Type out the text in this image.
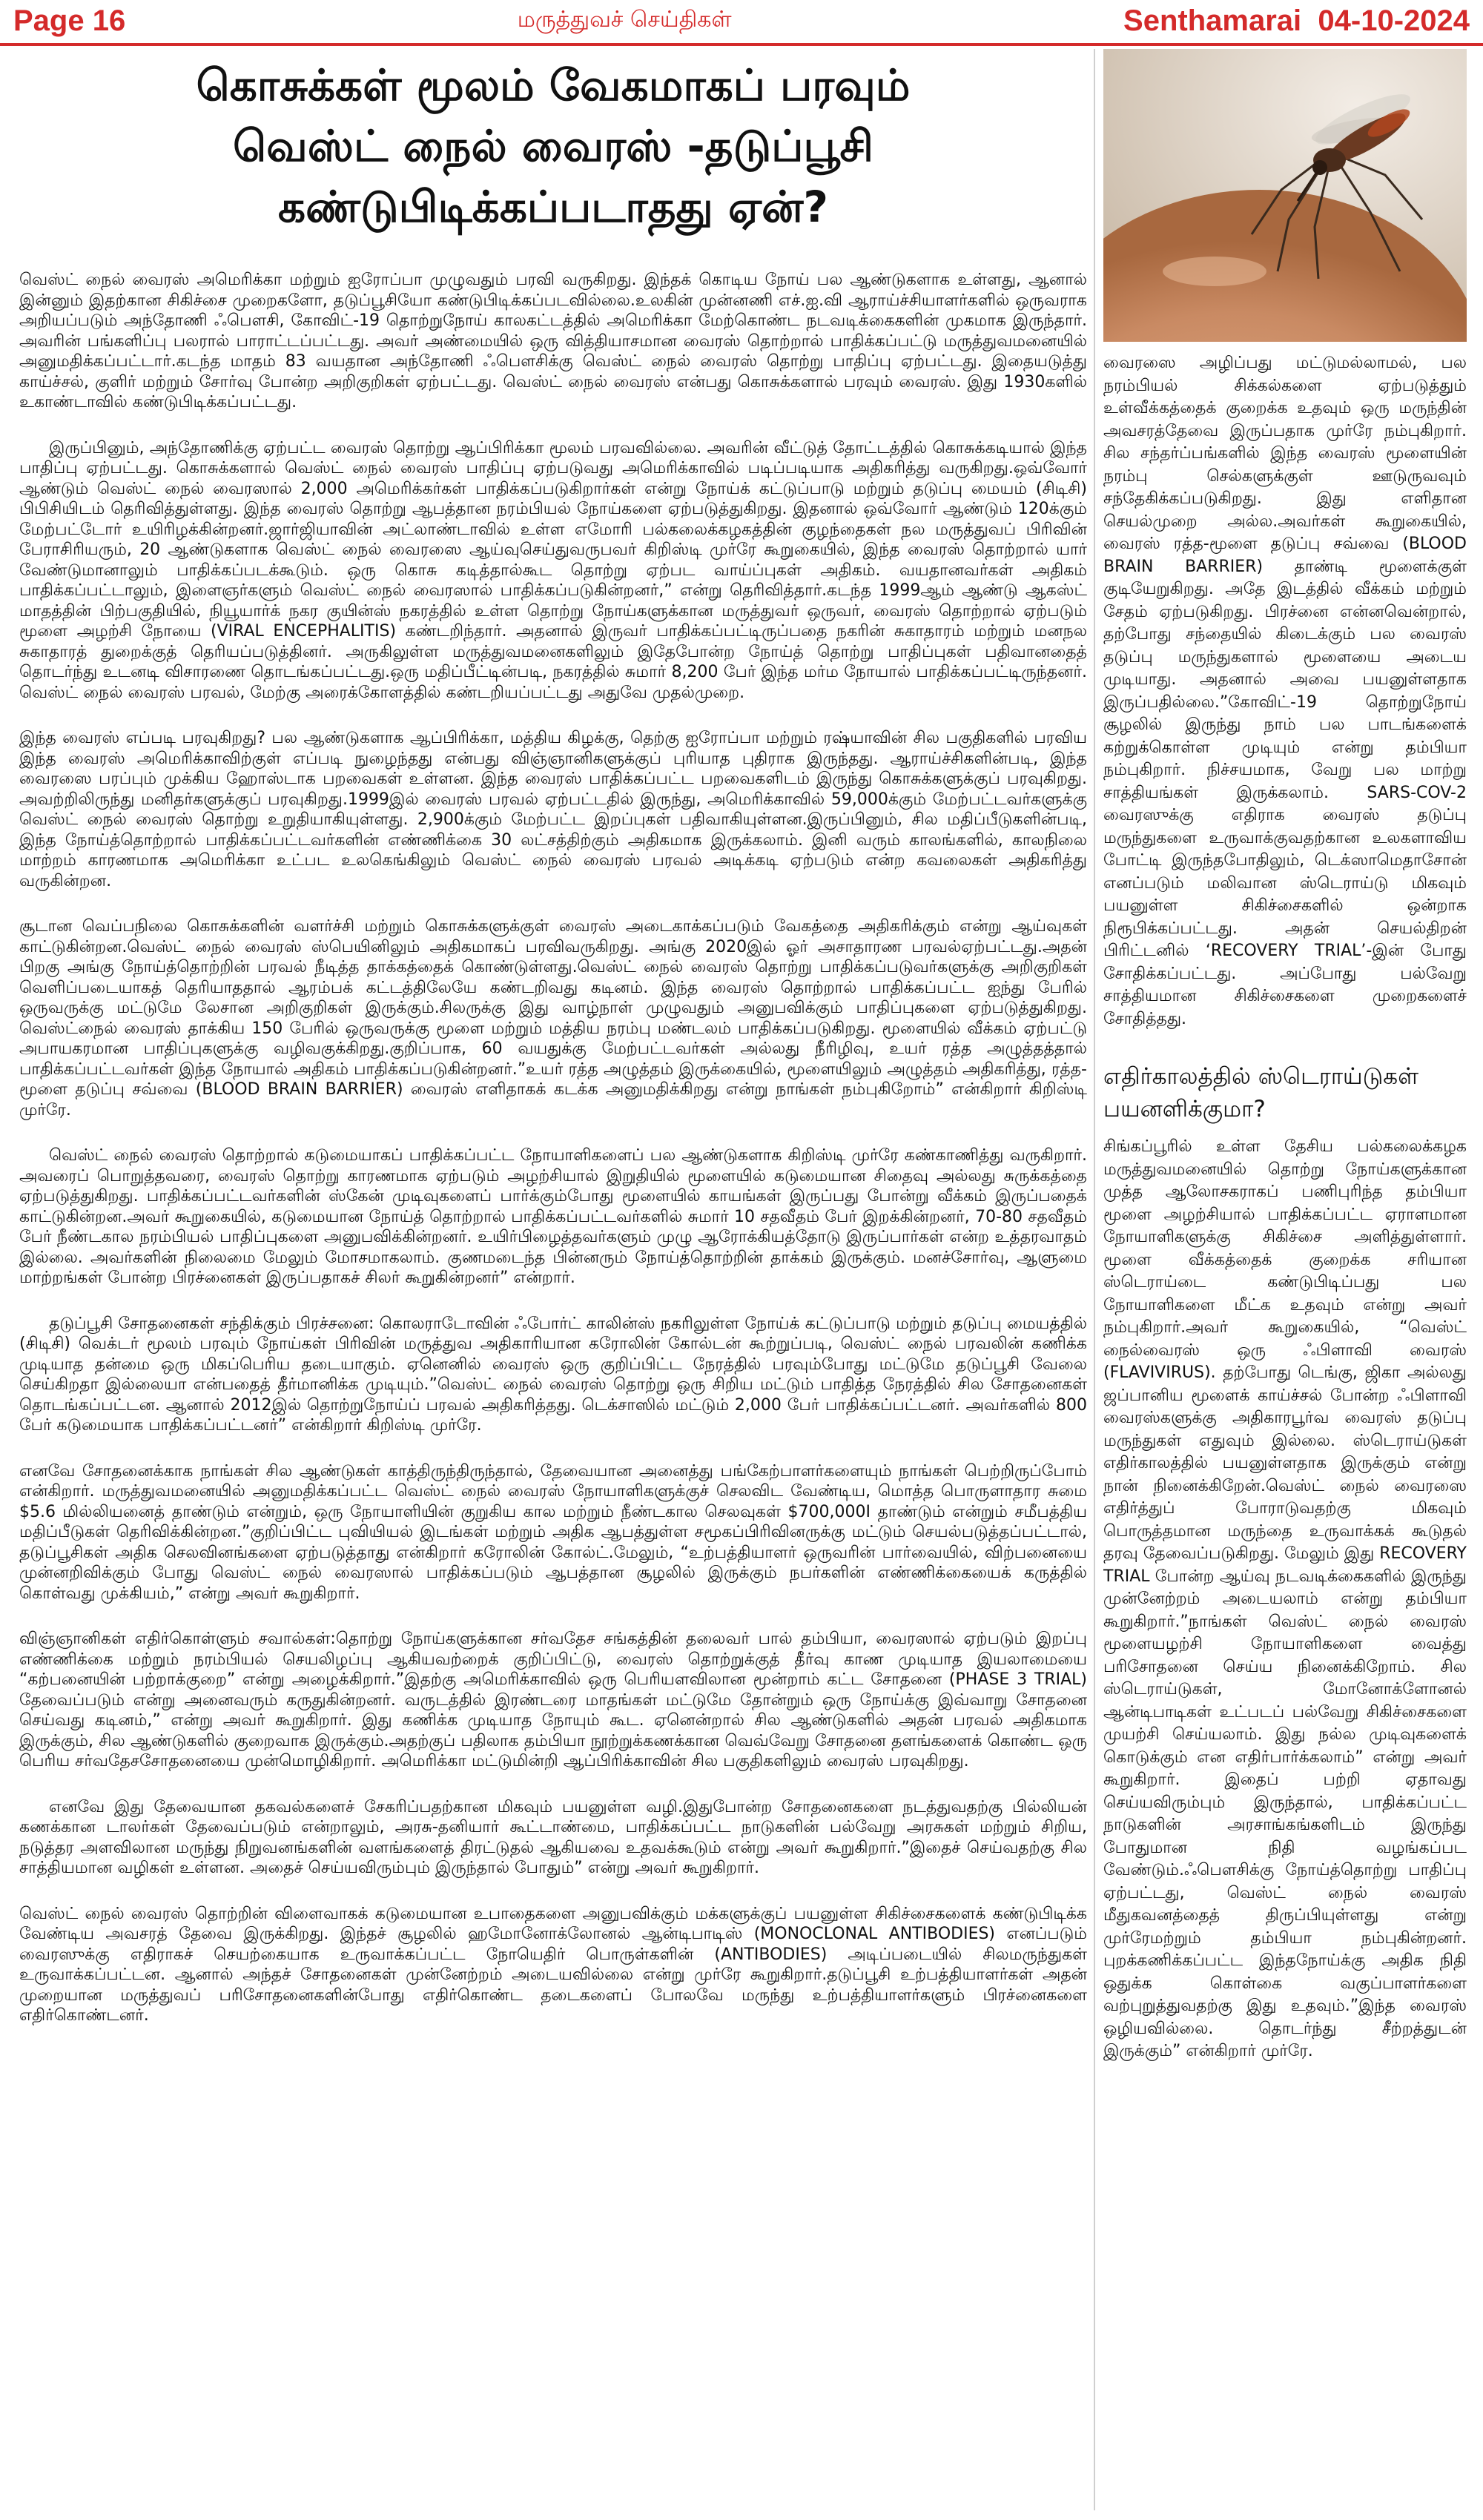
Page 16	மருத்துவச் செய்திகள்	Senthamarai 04-10-2024
கொசுக்கள் மூலம் வேகமாகப் பரவும்
வெஸ்ட் நைல் வைரஸ் -தடுப்பூசி கண்டுபிடிக்கப்படாதது ஏன்?

வெஸ்ட் நைல் வைரஸ் அமெரிக்கா மற்றும் ஐரோப்பா முழுவதும் பரவி வருகிறது. இந்தக் கொடிய நோய் பல ஆண்டுகளாக உள்ளது, ஆனால் இன்னும் இதற்கான சிகிச்சை முறைகளோ, தடுப்பூசியோ கண்டுபிடிக்கப்படவில்லை.உலகின் முன்னணி எச்.ஐ.வி ஆராய்ச்சியாளர்களில் ஒருவராக அறியப்படும் அந்தோணி ஃபௌசி, கோவிட்-19 தொற்றுநோய் காலகட்டத்தில் அமெரிக்கா மேற்கொண்ட நடவடிக்கைகளின் முகமாக இருந்தார். அவரின் பங்களிப்பு பலரால் பாராட்டப்பட்டது. அவர் அண்மையில் ஒரு வித்தியாசமான வைரஸ் தொற்றால் பாதிக்கப்பட்டு மருத்துவமனையில் அனுமதிக்கப்பட்டார்.கடந்த மாதம் 83 வயதான அந்தோணி ஃபௌசிக்கு வெஸ்ட் நைல் வைரஸ் தொற்று பாதிப்பு ஏற்பட்டது. இதையடுத்து காய்ச்சல், குளிர் மற்றும் சோர்வு போன்ற அறிகுறிகள் ஏற்பட்டது. வெஸ்ட் நைல் வைரஸ் என்பது கொசுக்களால் பரவும் வைரஸ். இது 1930களில் உகாண்டாவில் கண்டுபிடிக்கப்பட்டது.

இருப்பினும், அந்தோணிக்கு ஏற்பட்ட வைரஸ் தொற்று ஆப்பிரிக்கா மூலம் பரவவில்லை. அவரின் வீட்டுத் தோட்டத்தில் கொசுக்கடியால் இந்த பாதிப்பு ஏற்பட்டது. கொசுக்களால் வெஸ்ட் நைல் வைரஸ் பாதிப்பு ஏற்படுவது அமெரிக்காவில் படிப்படியாக அதிகரித்து வருகிறது.ஒவ்வோர் ஆண்டும் வெஸ்ட் நைல் வைரஸால் 2,000 அமெரிக்கர்கள் பாதிக்கப்படுகிறார்கள் என்று நோய்க் கட்டுப்பாடு மற்றும் தடுப்பு மையம் (சிடிசி) பிபிசியிடம் தெரிவித்துள்ளது. இந்த வைரஸ் தொற்று ஆபத்தான நரம்பியல் நோய்களை ஏற்படுத்துகிறது. இதனால் ஒவ்வோர் ஆண்டும் 120க்கும் மேற்பட்டோர் உயிரிழக்கின்றனர்.ஜார்ஜியாவின் அட்லாண்டாவில் உள்ள எமோரி பல்கலைக்கழகத்தின் குழந்தைகள் நல மருத்துவப் பிரிவின் பேராசிரியரும், 20 ஆண்டுகளாக வெஸ்ட் நைல் வைரஸை ஆய்வுசெய்துவருபவர் கிறிஸ்டி முர்ரே கூறுகையில், இந்த வைரஸ் தொற்றால் யார் வேண்டுமானாலும் பாதிக்கப்படக்கூடும். ஒரு கொசு கடித்தால்கூட தொற்று ஏற்பட வாய்ப்புகள் அதிகம். வயதானவர்கள் அதிகம் பாதிக்கப்பட்டாலும், இளைஞர்களும் வெஸ்ட் நைல் வைரஸால் பாதிக்கப்படுகின்றனர்,” என்று தெரிவித்தார்.கடந்த 1999ஆம் ஆண்டு ஆகஸ்ட் மாதத்தின் பிற்பகுதியில், நியூயார்க் நகர குயின்ஸ் நகரத்தில் உள்ள தொற்று நோய்களுக்கான மருத்துவர் ஒருவர், வைரஸ் தொற்றால் ஏற்படும் மூளை அழற்சி நோயை (VIRAL ENCEPHALITIS) கண்டறிந்தார். அதனால் இருவர் பாதிக்கப்பட்டிருப்பதை நகரின் சுகாதாரம் மற்றும் மனநல சுகாதாரத் துறைக்குத் தெரியப்படுத்தினர். அருகிலுள்ள மருத்துவமனைகளிலும் இதேபோன்ற நோய்த் தொற்று பாதிப்புகள் பதிவானதைத் தொடர்ந்து உடனடி விசாரணை தொடங்கப்பட்டது.ஒரு மதிப்பீட்டின்படி, நகரத்தில் சுமார் 8,200 பேர் இந்த மர்ம நோயால் பாதிக்கப்பட்டிருந்தனர். வெஸ்ட் நைல் வைரஸ் பரவல், மேற்கு அரைக்கோளத்தில் கண்டறியப்பட்டது அதுவே முதல்முறை.

இந்த வைரஸ் எப்படி பரவுகிறது? பல ஆண்டுகளாக ஆப்பிரிக்கா, மத்திய கிழக்கு, தெற்கு ஐரோப்பா மற்றும் ரஷ்யாவின் சில பகுதிகளில் பரவிய இந்த வைரஸ் அமெரிக்காவிற்குள் எப்படி நுழைந்தது என்பது விஞ்ஞானிகளுக்குப் புரியாத புதிராக இருந்தது. ஆராய்ச்சிகளின்படி, இந்த வைரஸை பரப்பும் முக்கிய ஹோஸ்டாக பறவைகள் உள்ளன. இந்த வைரஸ் பாதிக்கப்பட்ட பறவைகளிடம் இருந்து கொசுக்களுக்குப் பரவுகிறது. அவற்றிலிருந்து மனிதர்களுக்குப் பரவுகிறது.1999இல் வைரஸ் பரவல் ஏற்பட்டதில் இருந்து, அமெரிக்காவில் 59,000க்கும் மேற்பட்டவர்களுக்கு வெஸ்ட் நைல் வைரஸ் தொற்று உறுதியாகியுள்ளது. 2,900க்கும் மேற்பட்ட இறப்புகள் பதிவாகியுள்ளன.இருப்பினும், சில மதிப்பீடுகளின்படி, இந்த நோய்த்தொற்றால் பாதிக்கப்பட்டவர்களின் எண்ணிக்கை 30 லட்சத்திற்கும் அதிகமாக இருக்கலாம். இனி வரும் காலங்களில், காலநிலை மாற்றம் காரணமாக அமெரிக்கா உட்பட உலகெங்கிலும் வெஸ்ட் நைல் வைரஸ் பரவல் அடிக்கடி ஏற்படும் என்ற கவலைகள் அதிகரித்து வருகின்றன.

சூடான வெப்பநிலை கொசுக்களின் வளர்ச்சி மற்றும் கொசுக்களுக்குள் வைரஸ் அடைகாக்கப்படும் வேகத்தை அதிகரிக்கும் என்று ஆய்வுகள் காட்டுகின்றன.வெஸ்ட் நைல் வைரஸ் ஸ்பெயினிலும் அதிகமாகப் பரவிவருகிறது. அங்கு 2020இல் ஓர் அசாதாரண பரவல்ஏற்பட்டது.அதன் பிறகு அங்கு நோய்த்தொற்றின் பரவல் நீடித்த தாக்கத்தைக் கொண்டுள்ளது.வெஸ்ட் நைல் வைரஸ் தொற்று பாதிக்கப்படுவர்களுக்கு அறிகுறிகள் வெளிப்படையாகத் தெரியாததால் ஆரம்பக் கட்டத்திலேயே கண்டறிவது கடினம். இந்த வைரஸ் தொற்றால் பாதிக்கப்பட்ட ஐந்து பேரில் ஒருவருக்கு மட்டுமே லேசான அறிகுறிகள் இருக்கும்.சிலருக்கு இது வாழ்நாள் முழுவதும் அனுபவிக்கும் பாதிப்புகளை ஏற்படுத்துகிறது. வெஸ்ட்நைல் வைரஸ் தாக்கிய 150 பேரில் ஒருவருக்கு மூளை மற்றும் மத்திய நரம்பு மண்டலம் பாதிக்கப்படுகிறது. மூளையில் வீக்கம் ஏற்பட்டு அபாயகரமான பாதிப்புகளுக்கு வழிவகுக்கிறது.குறிப்பாக, 60 வயதுக்கு மேற்பட்டவர்கள் அல்லது நீரிழிவு, உயர் ரத்த அழுத்தத்தால் பாதிக்கப்பட்டவர்கள் இந்த நோயால் அதிகம் பாதிக்கப்படுகின்றனர்.”உயர் ரத்த அழுத்தம் இருக்கையில், மூளையிலும் அழுத்தம் அதிகரித்து, ரத்த-மூளை தடுப்பு சவ்வை (BLOOD BRAIN BARRIER) வைரஸ் எளிதாகக் கடக்க அனுமதிக்கிறது என்று நாங்கள் நம்புகிறோம்” என்கிறார் கிறிஸ்டி முர்ரே.

வெஸ்ட் நைல் வைரஸ் தொற்றால் கடுமையாகப் பாதிக்கப்பட்ட நோயாளிகளைப் பல ஆண்டுகளாக கிறிஸ்டி முர்ரே கண்காணித்து வருகிறார். அவரைப் பொறுத்தவரை, வைரஸ் தொற்று காரணமாக ஏற்படும் அழற்சியால் இறுதியில் மூளையில் கடுமையான சிதைவு அல்லது சுருக்கத்தை ஏற்படுத்துகிறது. பாதிக்கப்பட்டவர்களின் ஸ்கேன் முடிவுகளைப் பார்க்கும்போது மூளையில் காயங்கள் இருப்பது போன்று வீக்கம் இருப்பதைக் காட்டுகின்றன.அவர் கூறுகையில், கடுமையான நோய்த் தொற்றால் பாதிக்கப்பட்டவர்களில் சுமார் 10 சதவீதம் பேர் இறக்கின்றனர், 70-80 சதவீதம் பேர் நீண்டகால நரம்பியல் பாதிப்புகளை அனுபவிக்கின்றனர். உயிர்பிழைத்தவர்களும் முழு ஆரோக்கியத்தோடு இருப்பார்கள் என்ற உத்தரவாதம் இல்லை. அவர்களின் நிலைமை மேலும் மோசமாகலாம். குணமடைந்த பின்னரும் நோய்த்தொற்றின் தாக்கம் இருக்கும். மனச்சோர்வு, ஆளுமை மாற்றங்கள் போன்ற பிரச்னைகள் இருப்பதாகச் சிலர் கூறுகின்றனர்” என்றார்.

தடுப்பூசி சோதனைகள் சந்திக்கும் பிரச்சனை: கொலராடோவின் ஃபோர்ட் காலின்ஸ் நகரிலுள்ள நோய்க் கட்டுப்பாடு மற்றும் தடுப்பு மையத்தில் (சிடிசி) வெக்டர் மூலம் பரவும் நோய்கள் பிரிவின் மருத்துவ அதிகாரியான கரோலின் கோல்டன் கூற்றுப்படி, வெஸ்ட் நைல் பரவலின் கணிக்க முடியாத தன்மை ஒரு மிகப்பெரிய தடையாகும். ஏனெனில் வைரஸ் ஒரு குறிப்பிட்ட நேரத்தில் பரவும்போது மட்டுமே தடுப்பூசி வேலை செய்கிறதா இல்லையா என்பதைத் தீர்மானிக்க முடியும்.”வெஸ்ட் நைல் வைரஸ் தொற்று ஒரு சிறிய மட்டும் பாதித்த நேரத்தில் சில சோதனைகள் தொடங்கப்பட்டன. ஆனால் 2012இல் தொற்றுநோய்ப் பரவல் அதிகரித்தது. டெக்சாஸில் மட்டும் 2,000 பேர் பாதிக்கப்பட்டனர். அவர்களில் 800 பேர் கடுமையாக பாதிக்கப்பட்டனர்” என்கிறார் கிறிஸ்டி முர்ரே.

எனவே சோதனைக்காக நாங்கள் சில ஆண்டுகள் காத்திருந்திருந்தால், தேவையான அனைத்து பங்கேற்பாளர்களையும் நாங்கள் பெற்றிருப்போம் என்கிறார். மருத்துவமனையில் அனுமதிக்கப்பட்ட வெஸ்ட் நைல் வைரஸ் நோயாளிகளுக்குச் செலவிட வேண்டிய, மொத்த பொருளாதார சுமை $5.6 மில்லியனைத் தாண்டும் என்றும், ஒரு நோயாளியின் குறுகிய கால மற்றும் நீண்டகால செலவுகள் $700,000I தாண்டும் என்றும் சமீபத்திய மதிப்பீடுகள் தெரிவிக்கின்றன.”குறிப்பிட்ட புவியியல் இடங்கள் மற்றும் அதிக ஆபத்துள்ள சமூகப்பிரிவினருக்கு மட்டும் செயல்படுத்தப்பட்டால், தடுப்பூசிகள் அதிக செலவினங்களை ஏற்படுத்தாது என்கிறார் கரோலின் கோல்ட்.மேலும், “உற்பத்தியாளர் ஒருவரின் பார்வையில், விற்பனையை முன்னறிவிக்கும் போது வெஸ்ட் நைல் வைரஸால் பாதிக்கப்படும் ஆபத்தான சூழலில் இருக்கும் நபர்களின் எண்ணிக்கையைக் கருத்தில் கொள்வது முக்கியம்,” என்று அவர் கூறுகிறார்.

விஞ்ஞானிகள் எதிர்கொள்ளும் சவால்கள்:தொற்று நோய்களுக்கான சர்வதேச சங்கத்தின் தலைவர் பால் தம்பியா, வைரஸால் ஏற்படும் இறப்பு எண்ணிக்கை மற்றும் நரம்பியல் செயலிழப்பு ஆகியவற்றைக் குறிப்பிட்டு, வைரஸ் தொற்றுக்குத் தீர்வு காண முடியாத இயலாமையை “கற்பனையின் பற்றாக்குறை” என்று அழைக்கிறார்.”இதற்கு அமெரிக்காவில் ஒரு பெரியளவிலான மூன்றாம் கட்ட சோதனை (PHASE 3 TRIAL) தேவைப்படும் என்று அனைவரும் கருதுகின்றனர். வருடத்தில் இரண்டரை மாதங்கள் மட்டுமே தோன்றும் ஒரு நோய்க்கு இவ்வாறு சோதனை செய்வது கடினம்,” என்று அவர் கூறுகிறார். இது கணிக்க முடியாத நோயும் கூட. ஏனென்றால் சில ஆண்டுகளில் அதன் பரவல் அதிகமாக இருக்கும், சில ஆண்டுகளில் குறைவாக இருக்கும்.அதற்குப் பதிலாக தம்பியா நூற்றுக்கணக்கான வெவ்வேறு சோதனை தளங்களைக் கொண்ட ஒரு பெரிய சர்வதேசசோதனையை முன்மொழிகிறார். அமெரிக்கா மட்டுமின்றி ஆப்பிரிக்காவின் சில பகுதிகளிலும் வைரஸ் பரவுகிறது.

எனவே இது தேவையான தகவல்களைச் சேகரிப்பதற்கான மிகவும் பயனுள்ள வழி.இதுபோன்ற சோதனைகளை நடத்துவதற்கு பில்லியன் கணக்கான டாலர்கள் தேவைப்படும் என்றாலும், அரசு-தனியார் கூட்டாண்மை, பாதிக்கப்பட்ட நாடுகளின் பல்வேறு அரசுகள் மற்றும் சிறிய, நடுத்தர அளவிலான மருந்து நிறுவனங்களின் வளங்களைத் திரட்டுதல் ஆகியவை உதவக்கூடும் என்று அவர் கூறுகிறார்.”இதைச் செய்வதற்கு சில சாத்தியமான வழிகள் உள்ளன. அதைச் செய்யவிரும்பும் இருந்தால் போதும்” என்று அவர் கூறுகிறார்.

வெஸ்ட் நைல் வைரஸ் தொற்றின் விளைவாகக் கடுமையான உபாதைகளை அனுபவிக்கும் மக்களுக்குப் பயனுள்ள சிகிச்சைகளைக் கண்டுபிடிக்க வேண்டிய அவசரத் தேவை இருக்கிறது. இந்தச் சூழலில் ஹமோனோக்லோனல் ஆன்டிபாடிஸ் (MONOCLONAL ANTIBODIES) எனப்படும் வைரஸுக்கு எதிராகச் செயற்கையாக உருவாக்கப்பட்ட நோயெதிர் பொருள்களின் (ANTIBODIES) அடிப்படையில் சிலமருந்துகள் உருவாக்கப்பட்டன. ஆனால் அந்தச் சோதனைகள் முன்னேற்றம் அடையவில்லை என்று முர்ரே கூறுகிறார்.தடுப்பூசி உற்பத்தியாளர்கள் அதன் முறையான மருத்துவப் பரிசோதனைகளின்போது எதிர்கொண்ட தடைகளைப் போலவே மருந்து உற்பத்தியாளர்களும் பிரச்னைகளை எதிர்கொண்டனர்.

வைரஸை அழிப்பது மட்டுமல்லாமல், பல நரம்பியல் சிக்கல்களை ஏற்படுத்தும் உள்வீக்கத்தைக் குறைக்க உதவும் ஒரு மருந்தின் அவசரத்தேவை இருப்பதாக முர்ரே நம்புகிறார். சில சந்தர்ப்பங்களில் இந்த வைரஸ் மூளையின் நரம்பு செல்களுக்குள் ஊடுருவவும் சந்தேகிக்கப்படுகிறது. இது எளிதான செயல்முறை அல்ல.அவர்கள் கூறுகையில், வைரஸ் ரத்த-மூளை தடுப்பு சவ்வை (BLOOD BRAIN BARRIER) தாண்டி மூளைக்குள் குடியேறுகிறது. அதே இடத்தில் வீக்கம் மற்றும் சேதம் ஏற்படுகிறது. பிரச்னை என்னவென்றால், தற்போது சந்தையில் கிடைக்கும் பல வைரஸ் தடுப்பு மருந்துகளால் மூளையை அடைய முடியாது. அதனால் அவை பயனுள்ளதாக இருப்பதில்லை.”கோவிட்-19 தொற்றுநோய் சூழலில் இருந்து நாம் பல பாடங்களைக் கற்றுக்கொள்ள முடியும் என்று தம்பியா நம்புகிறார். நிச்சயமாக, வேறு பல மாற்று சாத்தியங்கள் இருக்கலாம். SARS-COV-2 வைரஸுக்கு எதிராக வைரஸ் தடுப்பு மருந்துகளை உருவாக்குவதற்கான உலகளாவிய போட்டி இருந்தபோதிலும், டெக்ஸாமெதாசோன் எனப்படும் மலிவான ஸ்டெராய்டு மிகவும் பயனுள்ள சிகிச்சைகளில் ஒன்றாக நிரூபிக்கப்பட்டது. அதன் செயல்திறன் பிரிட்டனில் ‘RECOVERY TRIAL’-இன் போது சோதிக்கப்பட்டது. அப்போது பல்வேறு சாத்தியமான சிகிச்சைகளை முறைகளைச் சோதித்தது.

எதிர்காலத்தில் ஸ்டெராய்டுகள் பயனளிக்குமா?

சிங்கப்பூரில் உள்ள தேசிய பல்கலைக்கழக மருத்துவமனையில் தொற்று நோய்களுக்கான முத்த ஆலோசகராகப் பணிபுரிந்த தம்பியா மூளை அழற்சியால் பாதிக்கப்பட்ட ஏராளமான நோயாளிகளுக்கு சிகிச்சை அளித்துள்ளார். மூளை வீக்கத்தைக் குறைக்க சரியான ஸ்டெராய்டை கண்டுபிடிப்பது பல நோயாளிகளை மீட்க உதவும் என்று அவர் நம்புகிறார்.அவர் கூறுகையில், “வெஸ்ட் நைல்வைரஸ் ஒரு ஃபிளாவி வைரஸ் (FLAVIVIRUS). தற்போது டெங்கு, ஜிகா அல்லது ஜப்பானிய மூளைக் காய்ச்சல் போன்ற ஃபிளாவி வைரஸ்களுக்கு அதிகாரபூர்வ வைரஸ் தடுப்பு மருந்துகள் எதுவும் இல்லை. ஸ்டெராய்டுகள் எதிர்காலத்தில் பயனுள்ளதாக இருக்கும் என்று நான் நினைக்கிறேன்.வெஸ்ட் நைல் வைரஸை எதிர்த்துப் போராடுவதற்கு மிகவும் பொருத்தமான மருந்தை உருவாக்கக் கூடுதல் தரவு தேவைப்படுகிறது. மேலும் இது RECOVERY TRIAL போன்ற ஆய்வு நடவடிக்கைகளில் இருந்து முன்னேற்றம் அடையலாம் என்று தம்பியா கூறுகிறார்.”நாங்கள் வெஸ்ட் நைல் வைரஸ் மூளையழற்சி நோயாளிகளை வைத்து பரிசோதனை செய்ய நினைக்கிறோம். சில ஸ்டெராய்டுகள், மோனோக்ளோனல் ஆன்டிபாடிகள் உட்படப் பல்வேறு சிகிச்சைகளை முயற்சி செய்யலாம். இது நல்ல முடிவுகளைக் கொடுக்கும் என எதிர்பார்க்கலாம்” என்று அவர் கூறுகிறார். இதைப் பற்றி ஏதாவது செய்யவிரும்பும் இருந்தால், பாதிக்கப்பட்ட நாடுகளின் அரசாங்கங்களிடம் இருந்து போதுமான நிதி வழங்கப்பட வேண்டும்.ஃபௌசிக்கு நோய்த்தொற்று பாதிப்பு ஏற்பட்டது, வெஸ்ட் நைல் வைரஸ் மீதுகவனத்தைத் திருப்பியுள்ளது என்று முர்ரேமற்றும் தம்பியா நம்புகின்றனர். புறக்கணிக்கப்பட்ட இந்தநோய்க்கு அதிக நிதி ஒதுக்க கொள்கை வகுப்பாளர்களை வற்புறுத்துவதற்கு இது உதவும்.”இந்த வைரஸ் ஒழியவில்லை. தொடர்ந்து சீற்றத்துடன் இருக்கும்” என்கிறார் முர்ரே.
